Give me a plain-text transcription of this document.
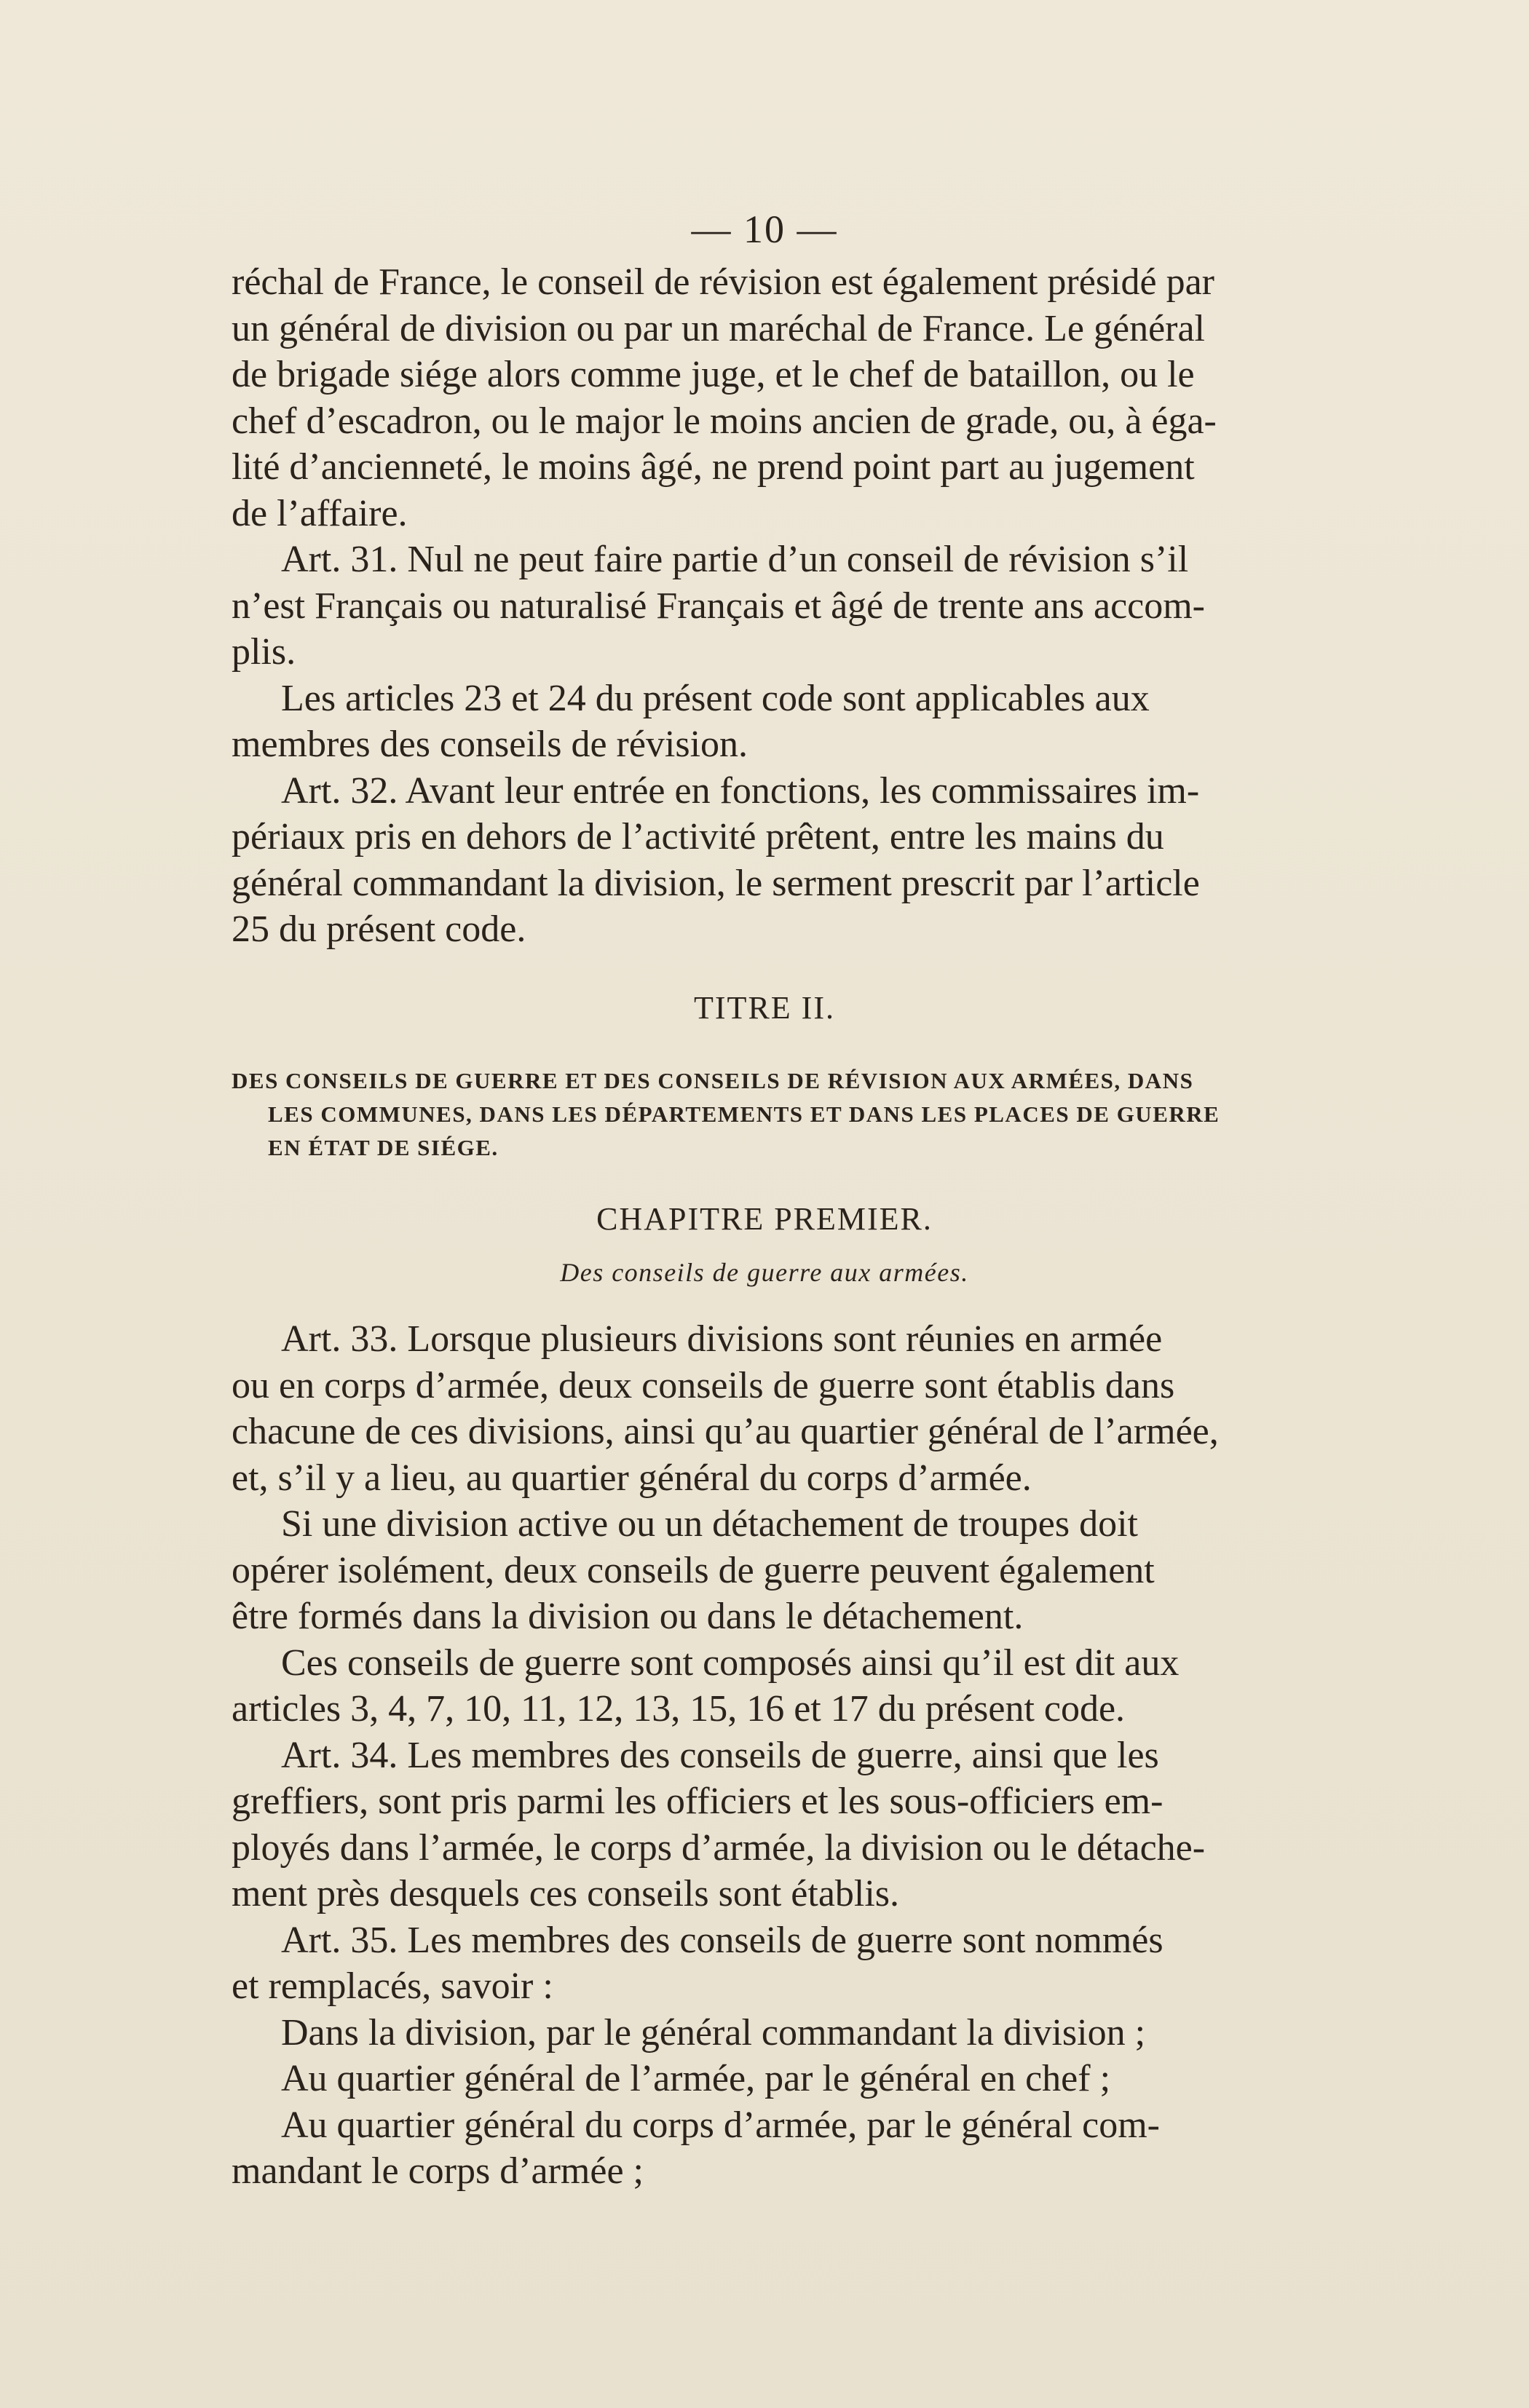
— 10 —
réchal de France, le conseil de révision est également présidé par
un général de division ou par un maréchal de France. Le général
de brigade siége alors comme juge, et le chef de bataillon, ou le
chef d’escadron, ou le major le moins ancien de grade, ou, à éga-
lité d’ancienneté, le moins âgé, ne prend point part au jugement
de l’affaire.
Art. 31. Nul ne peut faire partie d’un conseil de révision s’il
n’est Français ou naturalisé Français et âgé de trente ans accom-
plis.
Les articles 23 et 24 du présent code sont applicables aux
membres des conseils de révision.
Art. 32. Avant leur entrée en fonctions, les commissaires im-
périaux pris en dehors de l’activité prêtent, entre les mains du
général commandant la division, le serment prescrit par l’article
25 du présent code.
TITRE II.
DES CONSEILS DE GUERRE ET DES CONSEILS DE RÉVISION AUX ARMÉES, DANS
LES COMMUNES, DANS LES DÉPARTEMENTS ET DANS LES PLACES DE GUERRE
EN ÉTAT DE SIÉGE.
CHAPITRE PREMIER.
Des conseils de guerre aux armées.
Art. 33. Lorsque plusieurs divisions sont réunies en armée
ou en corps d’armée, deux conseils de guerre sont établis dans
chacune de ces divisions, ainsi qu’au quartier général de l’armée,
et, s’il y a lieu, au quartier général du corps d’armée.
Si une division active ou un détachement de troupes doit
opérer isolément, deux conseils de guerre peuvent également
être formés dans la division ou dans le détachement.
Ces conseils de guerre sont composés ainsi qu’il est dit aux
articles 3, 4, 7, 10, 11, 12, 13, 15, 16 et 17 du présent code.
Art. 34. Les membres des conseils de guerre, ainsi que les
greffiers, sont pris parmi les officiers et les sous-officiers em-
ployés dans l’armée, le corps d’armée, la division ou le détache-
ment près desquels ces conseils sont établis.
Art. 35. Les membres des conseils de guerre sont nommés
et remplacés, savoir :
Dans la division, par le général commandant la division ;
Au quartier général de l’armée, par le général en chef ;
Au quartier général du corps d’armée, par le général com-
mandant le corps d’armée ;
